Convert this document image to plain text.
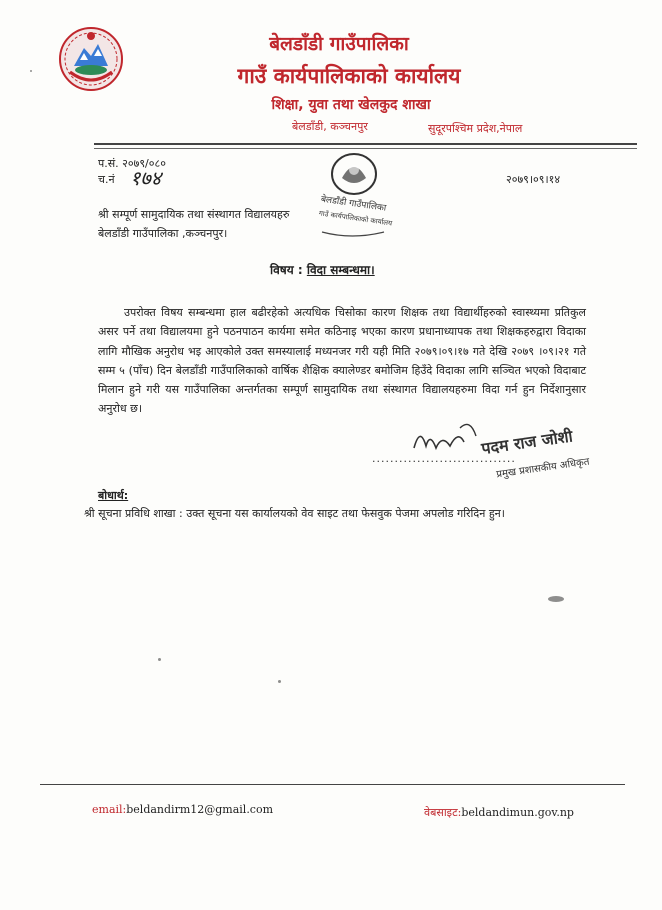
बेलडाँडी गाउँपालिका
गाउँ कार्यपालिकाको कार्यालय
शिक्षा, युवा तथा खेलकुद शाखा
बेलडाँडी, कञ्चनपुर	सुदूरपश्चिम प्रदेश,नेपाल
प.सं. २०७९/०८०
च.नं १७४	२०७९।०९।१४
बेलडाँडी गाउँपालिका
गाउँ कार्यपालिकाको कार्यालय
श्री सम्पूर्ण सामुदायिक तथा संस्थागत विद्यालयहरु
बेलडाँडी गाउँपालिका ,कञ्चनपुर।
विषय : विदा सम्बन्धमा।
उपरोक्त विषय सम्बन्धमा हाल बढीरहेको अत्यधिक चिसोका कारण शिक्षक तथा विद्यार्थीहरुको स्वास्थ्यमा प्रतिकुल असर पर्ने तथा विद्यालयमा हुने पठनपाठन कार्यमा समेत कठिनाइ भएका कारण प्रधानाध्यापक तथा शिक्षकहरुद्वारा विदाका लागि मौखिक अनुरोध भइ आएकोले उक्त समस्यालाई मध्यनजर गरी यही मिति २०७९।०९।१७ गते देखि २०७९ ।०९।२१ गते सम्म ५ (पाँच) दिन बेलडाँडी गाउँपालिकाको वार्षिक शैक्षिक क्यालेण्डर बमोजिम हिउँदे विदाका लागि सञ्चित भएको विदाबाट मिलान हुने गरी यस गाउँपालिका अन्तर्गतका सम्पूर्ण सामुदायिक तथा संस्थागत विद्यालयहरुमा विदा गर्न हुन निर्देशानुसार अनुरोध छ।
पदम राज जोशी
प्रमुख प्रशासकीय अधिकृत
................................
बोधार्थ:
श्री सूचना प्रविधि शाखा : उक्त सूचना यस कार्यालयको वेव साइट तथा फेसवुक पेजमा अपलोड गरिदिन हुन।
email:beldandirm12@gmail.com	वेबसाइट:beldandimun.gov.np
